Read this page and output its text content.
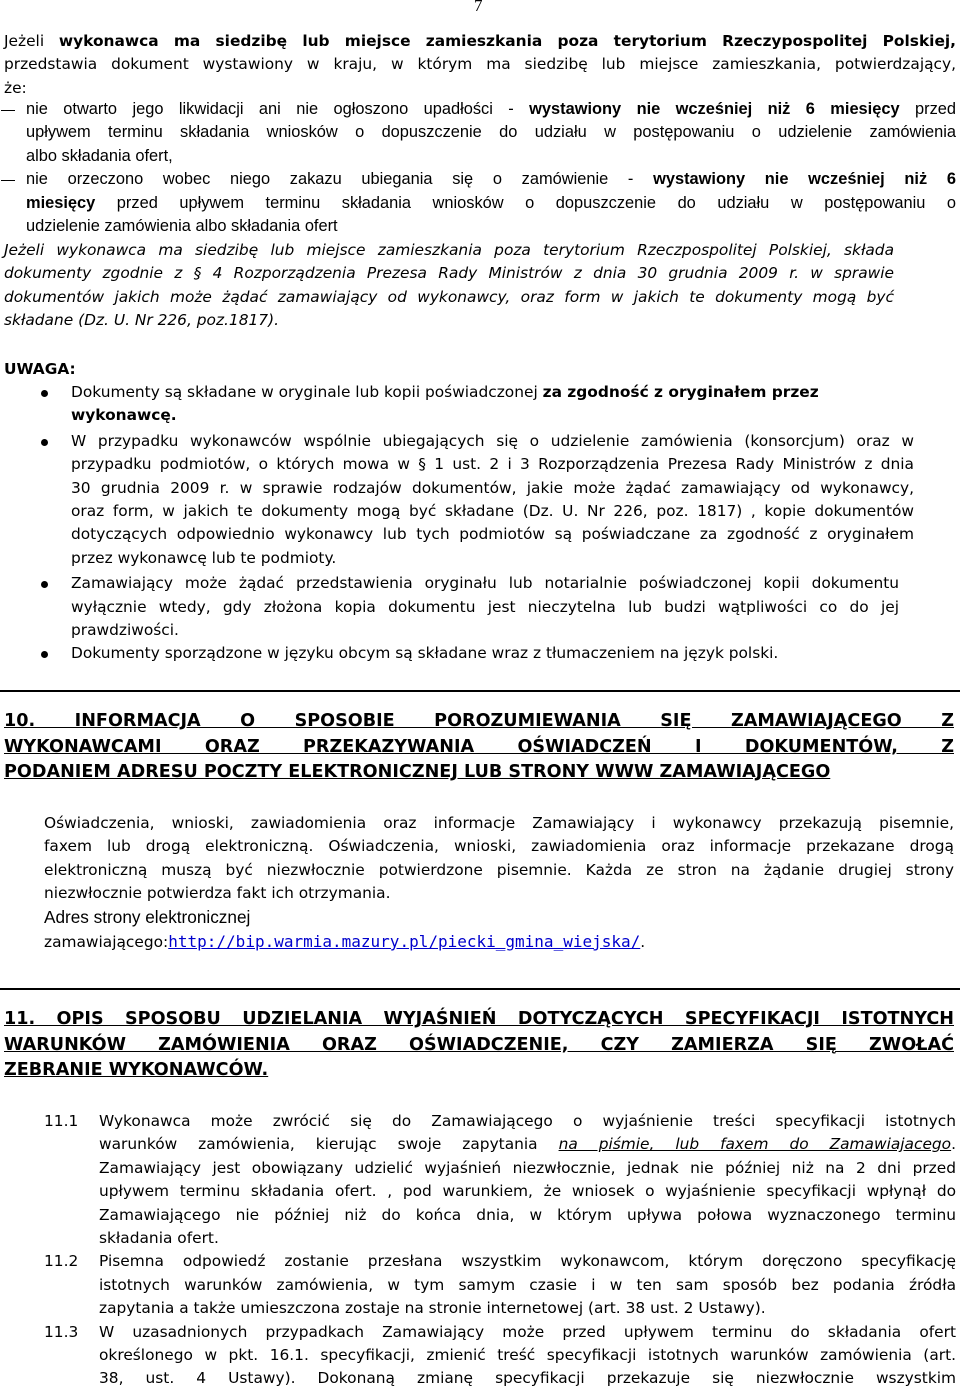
7
Jeżeli wykonawca ma siedzibę lub miejsce zamieszkania poza terytorium Rzeczypospolitej Polskiej,
przedstawia dokument wystawiony w kraju, w którym ma siedzibę lub miejsce zamieszkania, potwierdzający,
że:
nie otwarto jego likwidacji ani nie ogłoszono upadłości - wystawiony nie wcześniej niż 6 miesięcy przed
upływem terminu składania wniosków o dopuszczenie do udziału w postępowaniu o udzielenie zamówienia
albo składania ofert,
nie orzeczono wobec niego zakazu ubiegania się o zamówienie - wystawiony nie wcześniej niż 6
miesięcy przed upływem terminu składania wniosków o dopuszczenie do udziału w postępowaniu o
udzielenie zamówienia albo składania ofert
Jeżeli wykonawca ma siedzibę lub miejsce zamieszkania poza terytorium Rzeczpospolitej Polskiej, składa
dokumenty zgodnie z § 4 Rozporządzenia Prezesa Rady Ministrów z dnia 30 grudnia 2009 r. w sprawie
dokumentów jakich może żądać zamawiający od wykonawcy, oraz form w jakich te dokumenty mogą być
składane (Dz. U. Nr 226, poz.1817).
UWAGA:
Dokumenty są składane w oryginale lub kopii poświadczonej za zgodność z oryginałem przez
wykonawcę.
W przypadku wykonawców wspólnie ubiegających się o udzielenie zamówienia (konsorcjum) oraz w
przypadku podmiotów, o których mowa w § 1 ust. 2 i 3 Rozporządzenia Prezesa Rady Ministrów z dnia
30 grudnia 2009 r. w sprawie rodzajów dokumentów, jakie może żądać zamawiający od wykonawcy,
oraz form, w jakich te dokumenty mogą być składane (Dz. U. Nr 226, poz. 1817) , kopie dokumentów
dotyczących odpowiednio wykonawcy lub tych podmiotów są poświadczane za zgodność z oryginałem
przez wykonawcę lub te podmioty.
Zamawiający może żądać przedstawienia oryginału lub notarialnie poświadczonej kopii dokumentu
wyłącznie wtedy, gdy złożona kopia dokumentu jest nieczytelna lub budzi wątpliwości co do jej
prawdziwości.
Dokumenty sporządzone w języku obcym są składane wraz z tłumaczeniem na język polski.
10. INFORMACJA O SPOSOBIE POROZUMIEWANIA SIĘ ZAMAWIAJĄCEGO Z
WYKONAWCAMI ORAZ PRZEKAZYWANIA OŚWIADCZEŃ I DOKUMENTÓW, Z
PODANIEM ADRESU POCZTY ELEKTRONICZNEJ LUB STRONY WWW ZAMAWIAJĄCEGO
Oświadczenia, wnioski, zawiadomienia oraz informacje Zamawiający i wykonawcy przekazują pisemnie,
faxem lub drogą elektroniczną. Oświadczenia, wnioski, zawiadomienia oraz informacje przekazane drogą
elektroniczną muszą być niezwłocznie potwierdzone pisemnie. Każda ze stron na żądanie drugiej strony
niezwłocznie potwierdza fakt ich otrzymania.
Adres strony elektronicznej
zamawiającego:http://bip.warmia.mazury.pl/piecki_gmina_wiejska/.
11. OPIS SPOSOBU UDZIELANIA WYJAŚNIEŃ DOTYCZĄCYCH SPECYFIKACJI ISTOTNYCH
WARUNKÓW ZAMÓWIENIA ORAZ OŚWIADCZENIE, CZY ZAMIERZA SIĘ ZWOŁAĆ
ZEBRANIE WYKONAWCÓW.
11.1 Wykonawca może zwrócić się do Zamawiającego o wyjaśnienie treści specyfikacji istotnych
warunków zamówienia, kierując swoje zapytania na piśmie, lub faxem do Zamawiajacego.
Zamawiający jest obowiązany udzielić wyjaśnień niezwłocznie, jednak nie później niż na 2 dni przed
upływem terminu składania ofert. , pod warunkiem, że wniosek o wyjaśnienie specyfikacji wpłynął do
Zamawiającego nie później niż do końca dnia, w którym upływa połowa wyznaczonego terminu
składania ofert.
11.2 Pisemna odpowiedź zostanie przesłana wszystkim wykonawcom, którym doręczono specyfikację
istotnych warunków zamówienia, w tym samym czasie i w ten sam sposób bez podania źródła
zapytania a także umieszczona zostaje na stronie internetowej (art. 38 ust. 2 Ustawy).
11.3 W uzasadnionych przypadkach Zamawiający może przed upływem terminu do składania ofert
określonego w pkt. 16.1. specyfikacji, zmienić treść specyfikacji istotnych warunków zamówienia (art.
38, ust. 4 Ustawy). Dokonaną zmianę specyfikacji przekazuje się niezwłocznie wszystkim
